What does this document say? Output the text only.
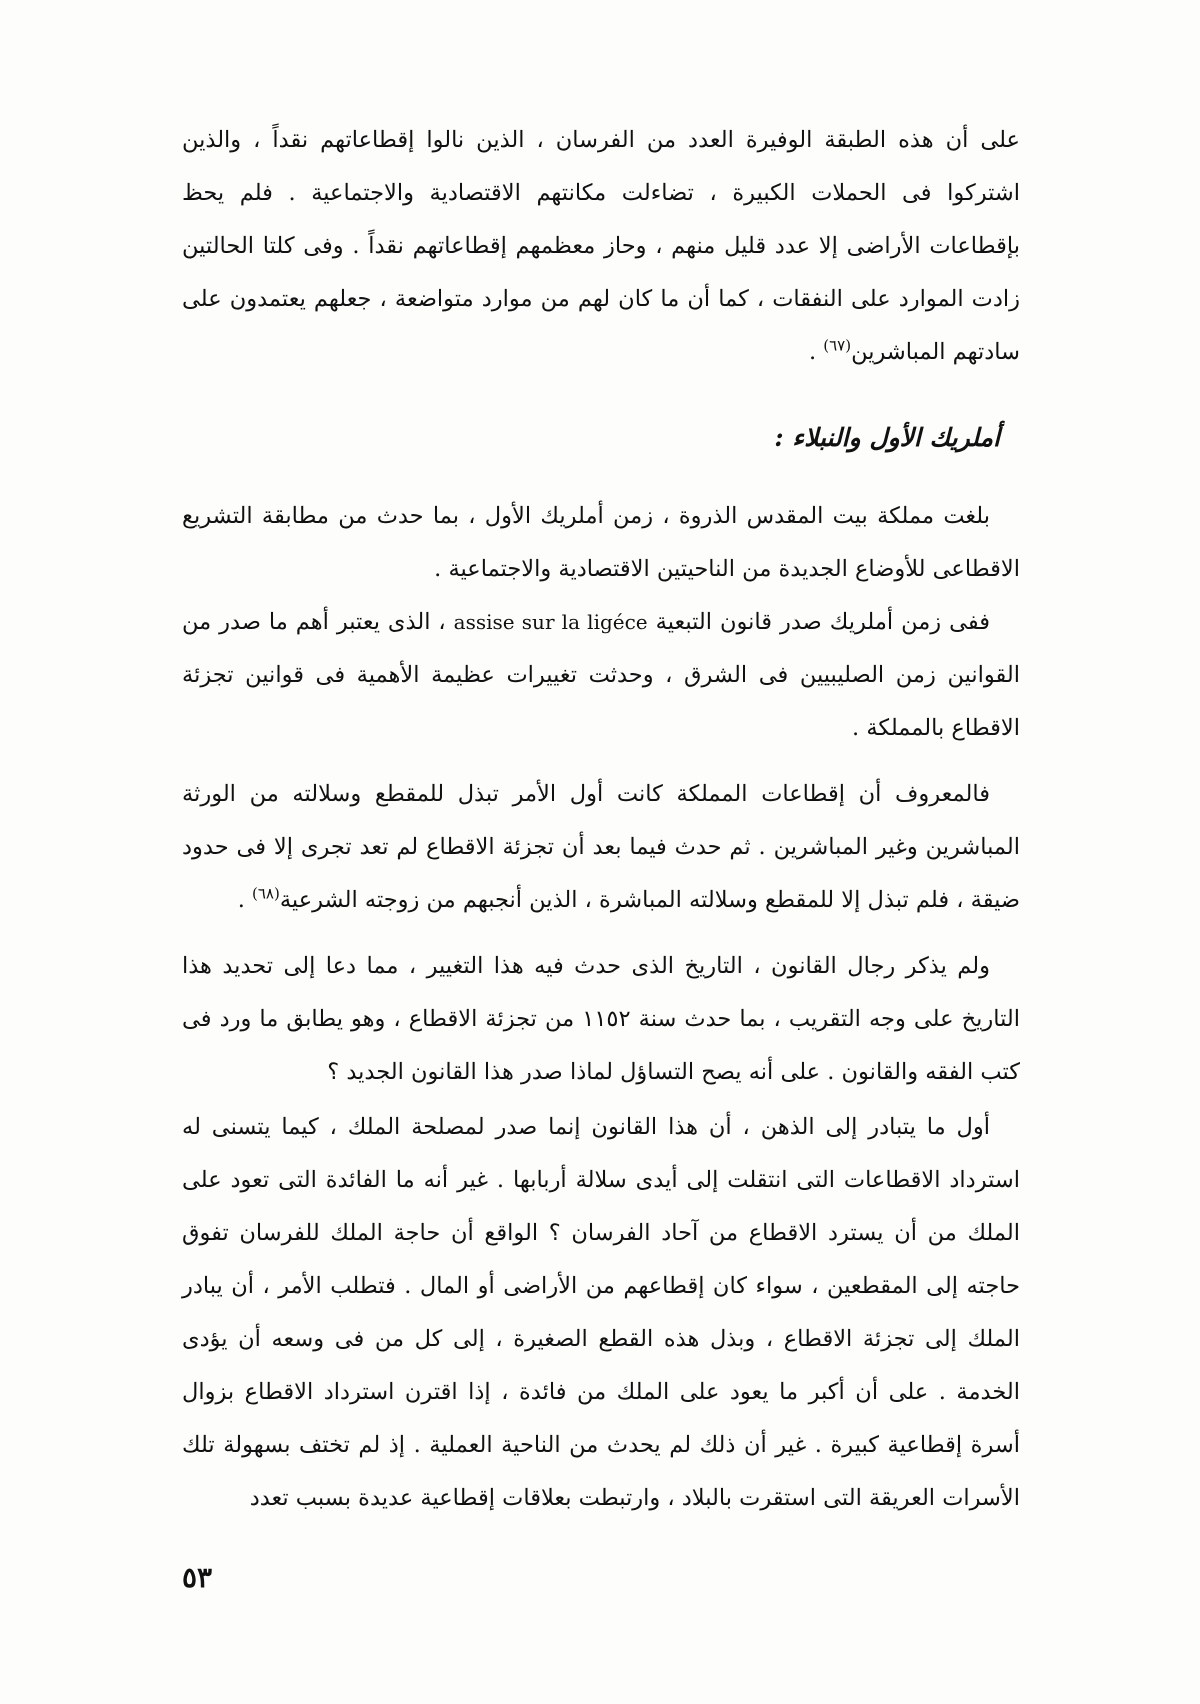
على أن هذه الطبقة الوفيرة العدد من الفرسان ، الذين نالوا إقطاعاتهم نقداً ، والذين اشتركوا فى الحملات الكبيرة ، تضاءلت مكانتهم الاقتصادية والاجتماعية . فلم يحظ بإقطاعات الأراضى إلا عدد قليل منهم ، وحاز معظمهم إقطاعاتهم نقداً . وفى كلتا الحالتين زادت الموارد على النفقات ، كما أن ما كان لهم من موارد متواضعة ، جعلهم يعتمدون على سادتهم المباشرين$^{(٦٧)}$ .
أملريك الأول والنبلاء :
بلغت مملكة بيت المقدس الذروة ، زمن أملريك الأول ، بما حدث من مطابقة التشريع الاقطاعى للأوضاع الجديدة من الناحيتين الاقتصادية والاجتماعية .
ففى زمن أملريك صدر قانون التبعية assise sur la ligéce ، الذى يعتبر أهم ما صدر من القوانين زمن الصليبيين فى الشرق ، وحدثت تغييرات عظيمة الأهمية فى قوانين تجزئة الاقطاع بالمملكة .
فالمعروف أن إقطاعات المملكة كانت أول الأمر تبذل للمقطع وسلالته من الورثة المباشرين وغير المباشرين . ثم حدث فيما بعد أن تجزئة الاقطاع لم تعد تجرى إلا فى حدود ضيقة ، فلم تبذل إلا للمقطع وسلالته المباشرة ، الذين أنجبهم من زوجته الشرعية$^{(٦٨)}$ .
ولم يذكر رجال القانون ، التاريخ الذى حدث فيه هذا التغيير ، مما دعا إلى تحديد هذا التاريخ على وجه التقريب ، بما حدث سنة ١١٥٢ من تجزئة الاقطاع ، وهو يطابق ما ورد فى كتب الفقه والقانون . على أنه يصح التساؤل لماذا صدر هذا القانون الجديد ؟
أول ما يتبادر إلى الذهن ، أن هذا القانون إنما صدر لمصلحة الملك ، كيما يتسنى له استرداد الاقطاعات التى انتقلت إلى أيدى سلالة أربابها . غير أنه ما الفائدة التى تعود على الملك من أن يسترد الاقطاع من آحاد الفرسان ؟ الواقع أن حاجة الملك للفرسان تفوق حاجته إلى المقطعين ، سواء كان إقطاعهم من الأراضى أو المال . فتطلب الأمر ، أن يبادر الملك إلى تجزئة الاقطاع ، وبذل هذه القطع الصغيرة ، إلى كل من فى وسعه أن يؤدى الخدمة . على أن أكبر ما يعود على الملك من فائدة ، إذا اقترن استرداد الاقطاع بزوال أسرة إقطاعية كبيرة . غير أن ذلك لم يحدث من الناحية العملية . إذ لم تختف بسهولة تلك الأسرات العريقة التى استقرت بالبلاد ، وارتبطت بعلاقات إقطاعية عديدة بسبب تعدد
٥٣
